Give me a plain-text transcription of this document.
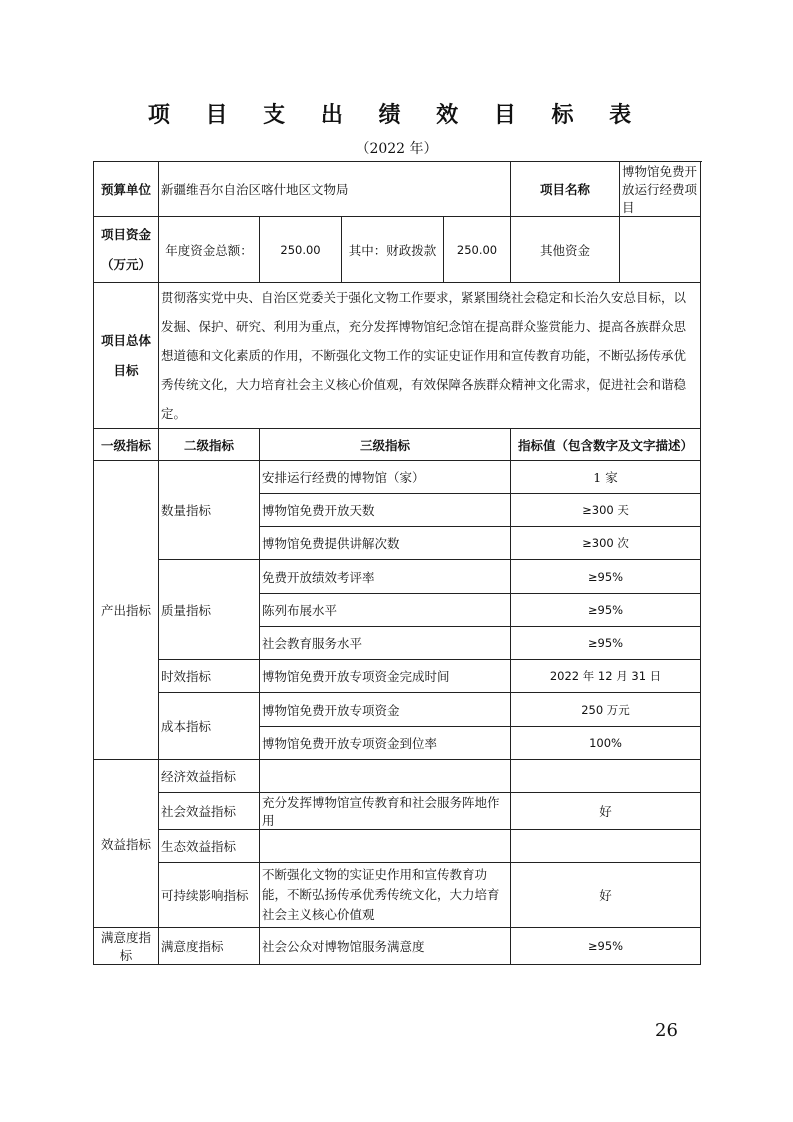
项 目 支 出 绩 效 目 标 表
（2022 年）
预算单位	新疆维吾尔自治区喀什地区文物局				项目名称	博物馆免费开放运行经费项目
项目资金（万元）	年度资金总额：	250.00	其中：财政拨款	250.00	其他资金	
项目总体目标	贯彻落实党中央、自治区党委关于强化文物工作要求，紧紧围绕社会稳定和长治久安总目标，以发掘、保护、研究、利用为重点，充分发挥博物馆纪念馆在提高群众鉴赏能力、提高各族群众思想道德和文化素质的作用，不断强化文物工作的实证史证作用和宣传教育功能，不断弘扬传承优秀传统文化，大力培育社会主义核心价值观，有效保障各族群众精神文化需求，促进社会和谐稳定。					
一级指标	二级指标	三级指标			指标值（包含数字及文字描述）	
产出指标	数量指标	安排运行经费的博物馆（家）			1 家	
		博物馆免费开放天数			≥300 天	
		博物馆免费提供讲解次数			≥300 次	
	质量指标	免费开放绩效考评率			≥95%	
		陈列布展水平			≥95%	
		社会教育服务水平			≥95%	
	时效指标	博物馆免费开放专项资金完成时间			2022 年 12 月 31 日	
	成本指标	博物馆免费开放专项资金			250 万元	
		博物馆免费开放专项资金到位率			100%	
效益指标	经济效益指标					
	社会效益指标	充分发挥博物馆宣传教育和社会服务阵地作用			好	
	生态效益指标					
	可持续影响指标	不断强化文物的实证史作用和宣传教育功能，不断弘扬传承优秀传统文化，大力培育社会主义核心价值观			好	
满意度指标	满意度指标	社会公众对博物馆服务满意度			≥95%	
26
